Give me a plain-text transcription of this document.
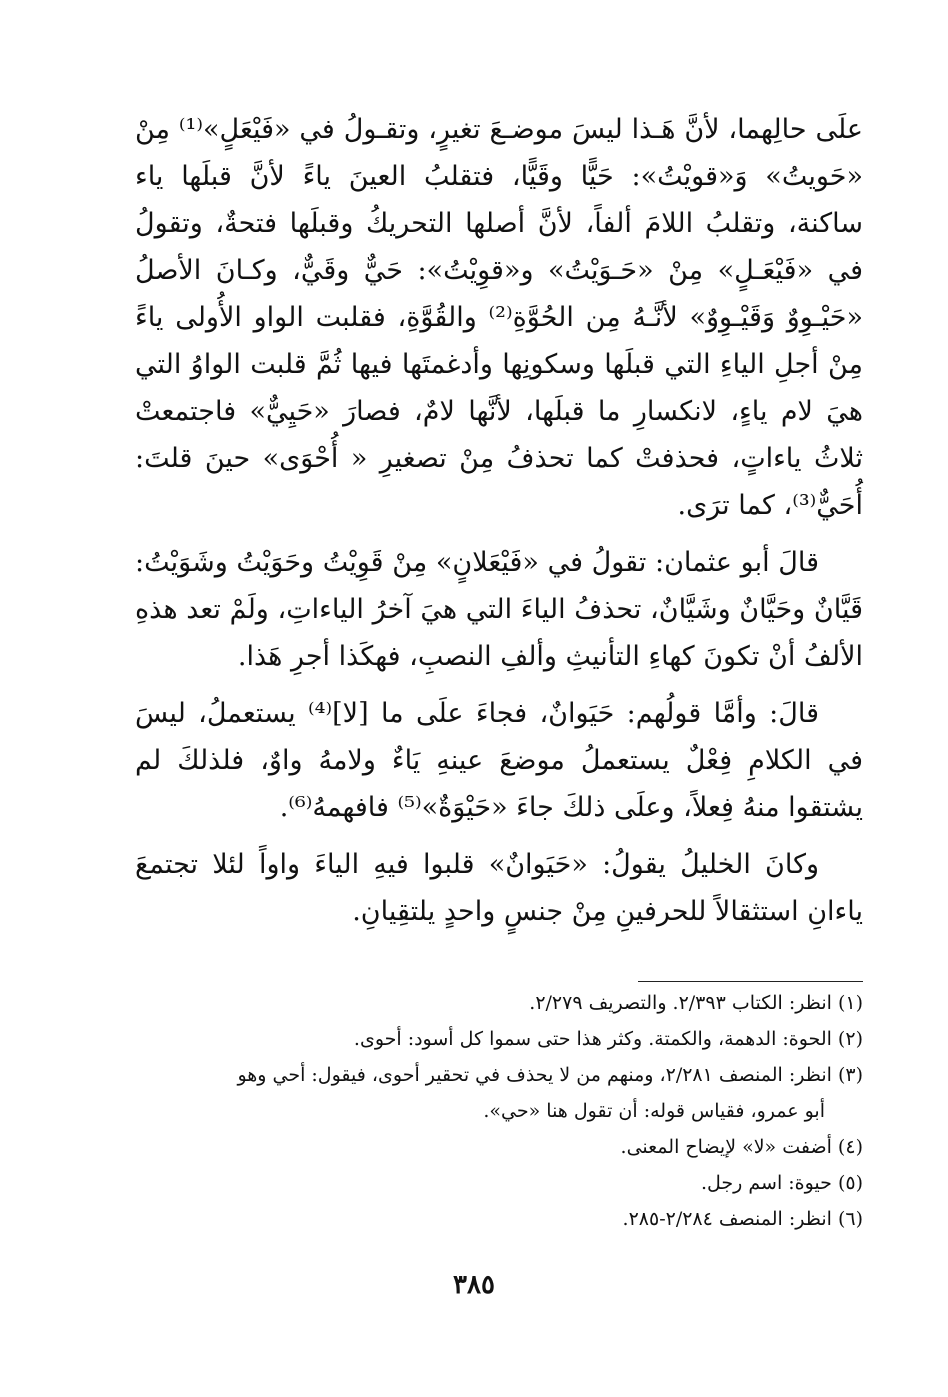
علَى حالِهما، لأنَّ هَـذا ليسَ موضـعَ تغيرٍ، وتقـولُ في «فَيْعَلٍ»⁽¹⁾ مِنْ «حَويتُ» وَ«قويْتُ»: حَيًّا وقَيًّا، فتقلبُ العينَ ياءً لأنَّ قبلَها ياء ساكنة، وتقلبُ اللامَ ألفاً، لأنَّ أصلها التحريكُ وقبلَها فتحةٌ، وتقولُ في «فَيْعَـلٍ» مِنْ «حَـوَيْتُ» و«قوِيْتُ»: حَيٌّ وقَيٌّ، وكـانَ الأصلُ «حَيْـوِوٌ وَقَيْـوِوٌ» لأنَّـهُ مِن الحُوَّةِ⁽²⁾ والقُوَّةِ، فقلبت الواو الأُولى ياءً مِنْ أجلِ الياءِ التي قبلَها وسكونِها وأدغمتَها فيها ثُمَّ قلبت الواوُ التي هيَ لام ياءٍ، لانكسارِ ما قبلَها، لأنَّها لامٌ، فصارَ «حَيِيٌّ» فاجتمعتْ ثلاثُ ياءاتٍ، فحذفتْ كما تحذفُ مِنْ تصغيرِ « أُحْوَى» حينَ قلتَ: أُحَيٌّ⁽³⁾، كما ترَى.

قالَ أبو عثمان: تقولُ في «فَيْعَلانٍ» مِنْ قَوِيْتُ وحَوَيْتُ وشَوَيْتُ: قَيَّانٌ وحَيَّانٌ وشَيَّانٌ، تحذفُ الياءَ التي هيَ آخرُ الياءاتِ، ولَمْ تعد هذهِ الألفُ أنْ تكونَ كهاءِ التأنيثِ وألفِ النصبِ، فهكَذا أجرِ هَذا.

قالَ: وأمَّا قولُهم: حَيَوانٌ، فجاءَ علَى ما [لا]⁽⁴⁾ يستعملُ، ليسَ في الكلامِ فِعْلٌ يستعملُ موضعَ عينهِ يَاءٌ ولامهُ واوٌ، فلذلكَ لم يشتقوا منهُ فِعلاً، وعلَى ذلكَ جاءَ «حَيْوَةٌ»⁽⁵⁾ فافهمهُ⁽⁶⁾.

وكانَ الخليلُ يقولُ: «حَيَوانٌ» قلبوا فيهِ الياءَ واواً لئلا تجتمعَ ياءانِ استثقالاً للحرفينِ مِنْ جنسٍ واحدٍ يلتقِيانِ.

(١) انظر: الكتاب ٢/٣٩٣. والتصريف ٢/٢٧٩.

(٢) الحوة: الدهمة، والكمتة. وكثر هذا حتى سموا كل أسود: أحوى.

(٣) انظر: المنصف ٢/٢٨١، ومنهم من لا يحذف في تحقير أحوى، فيقول: أحي وهو

أبو عمرو، فقياس قوله: أن تقول هنا «حي».

(٤) أضفت «لا» لإيضاح المعنى.

(٥) حيوة: اسم رجل.

(٦) انظر: المنصف ٢/٢٨٤-٢٨٥.

٣٨٥
